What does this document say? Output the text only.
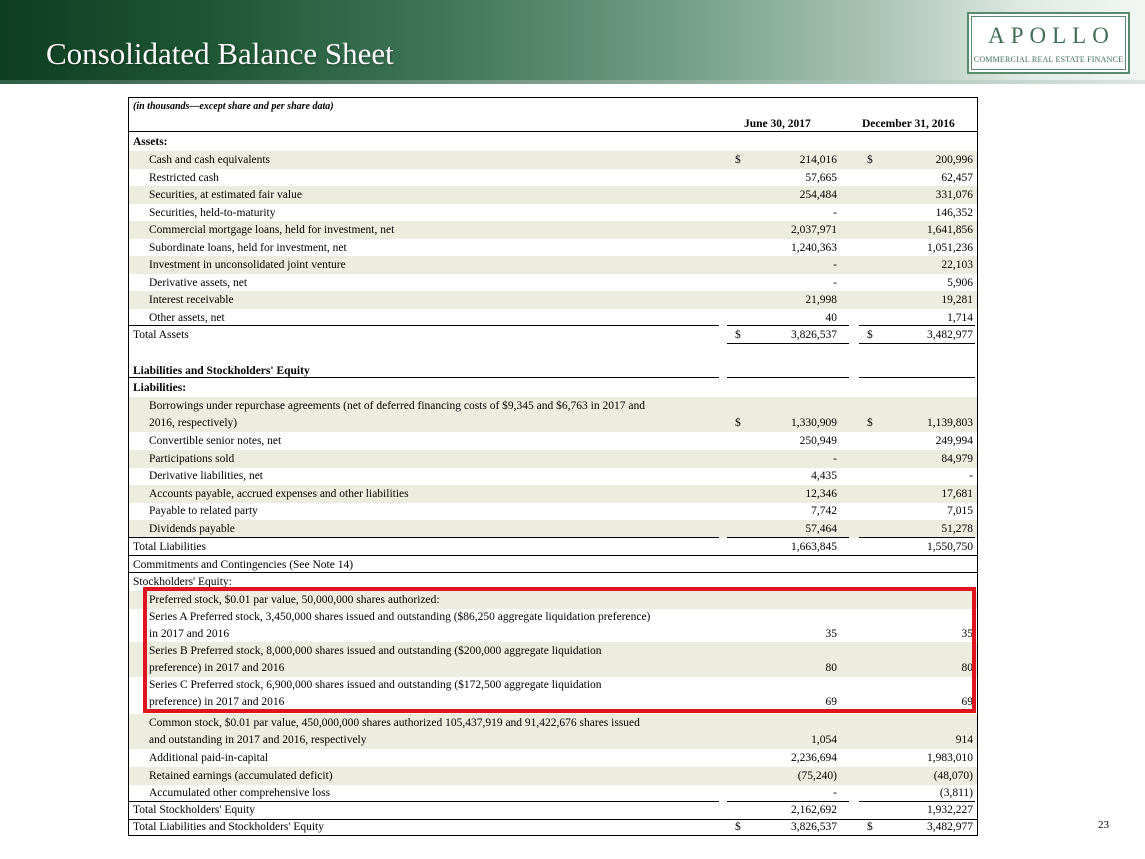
Consolidated Balance Sheet
APOLLO
COMMERCIAL REAL ESTATE FINANCE
(in thousands—except share and per share data)
June 30, 2017	December 31, 2016
Assets:
Cash and cash equivalents	$	214,016	$	200,996
Restricted cash	57,665	62,457
Securities, at estimated fair value	254,484	331,076
Securities, held-to-maturity	-	146,352
Commercial mortgage loans, held for investment, net	2,037,971	1,641,856
Subordinate loans, held for investment, net	1,240,363	1,051,236
Investment in unconsolidated joint venture	-	22,103
Derivative assets, net	-	5,906
Interest receivable	21,998	19,281
Other assets, net	40	1,714
Total Assets	$	3,826,537	$	3,482,977
Liabilities and Stockholders' Equity
Liabilities:
Borrowings under repurchase agreements (net of deferred financing costs of $9,345 and $6,763 in 2017 and
2016, respectively)	$	1,330,909	$	1,139,803
Convertible senior notes, net	250,949	249,994
Participations sold	-	84,979
Derivative liabilities, net	4,435	-
Accounts payable, accrued expenses and other liabilities	12,346	17,681
Payable to related party	7,742	7,015
Dividends payable	57,464	51,278
Total Liabilities	1,663,845	1,550,750
Commitments and Contingencies (See Note 14)
Stockholders' Equity:
Preferred stock, $0.01 par value, 50,000,000 shares authorized:
Series A Preferred stock, 3,450,000 shares issued and outstanding ($86,250 aggregate liquidation preference)
in 2017 and 2016	35	35
Series B Preferred stock, 8,000,000 shares issued and outstanding ($200,000 aggregate liquidation
preference) in 2017 and 2016	80	80
Series C Preferred stock, 6,900,000 shares issued and outstanding ($172,500 aggregate liquidation
preference) in 2017 and 2016	69	69
Common stock, $0.01 par value, 450,000,000 shares authorized 105,437,919 and 91,422,676 shares issued
and outstanding in 2017 and 2016, respectively	1,054	914
Additional paid-in-capital	2,236,694	1,983,010
Retained earnings (accumulated deficit)	(75,240)	(48,070)
Accumulated other comprehensive loss	-	(3,811)
Total Stockholders' Equity	2,162,692	1,932,227
Total Liabilities and Stockholders' Equity	$	3,826,537	$	3,482,977	23
